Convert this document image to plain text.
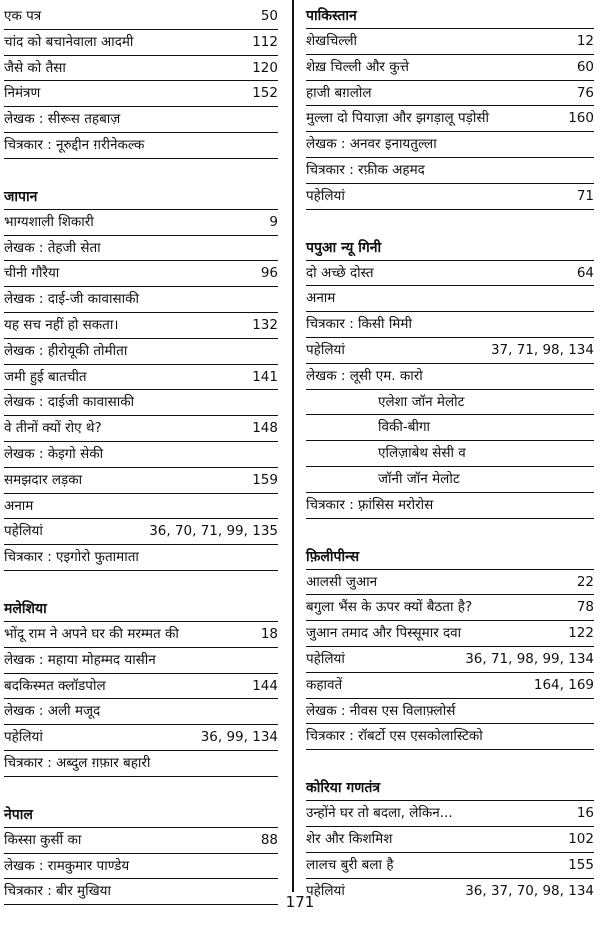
एक पत्र	50
चांद को बचानेवाला आदमी	112
जैसे को तैसा	120
निमंत्रण	152
लेखक : सीरूस तहबाज़
चित्रकार : नूरुद्दीन ग़रीनेकल्क
जापान
भाग्यशाली शिकारी	9
लेखक : तेहजी सेता
चीनी गौरैया	96
लेखक : दाई-जी कावासाकी
यह सच नहीं हो सकता।	132
लेखक : हीरोयूकी तोमीता
जमी हुई बातचीत	141
लेखक : दाईजी कावासाकी
वे तीनों क्यों रोए थे?	148
लेखक : केइगो सेकी
समझदार लड़का	159
अनाम
पहेलियां	36, 70, 71, 99, 135
चित्रकार : एइगोरो फुतामाता
मलेशिया
भोंदू राम ने अपने घर की मरम्मत की	18
लेखक : महाया मोहम्मद यासीन
बदकिस्मत क्लॉडपोल	144
लेखक : अली मजूद
पहेलियां	36, 99, 134
चित्रकार : अब्दुल ग़फ़ार बहारी
नेपाल
किस्सा कुर्सी का	88
लेखक : रामकुमार पाण्डेय
चित्रकार : बीर मुखिया
पाकिस्तान
शेखचिल्ली	12
शेख़ चिल्ली और कुत्ते	60
हाजी बग़लोल	76
मुल्ला दो पियाज़ा और झगड़ालू पड़ोसी	160
लेखक : अनवर इनायतुल्ला
चित्रकार : रफ़ीक अहमद
पहेलियां	71
पपुआ न्यू गिनी
दो अच्छे दोस्त	64
अनाम
चित्रकार : किसी मिमी
पहेलियां	37, 71, 98, 134
लेखक : लूसी एम. कारो
एलेशा जॉन मेलोट
विकी-बीगा
एलिज़ाबेथ सेसी व
जॉनी जॉन मेलोट
चित्रकार : फ़्रांसिस मरोरोस
फ़िलीपीन्स
आलसी जुआन	22
बगुला भैंस के ऊपर क्यों बैठता है?	78
जुआन तमाद और पिस्सूमार दवा	122
पहेलियां	36, 71, 98, 99, 134
कहावतें	164, 169
लेखक : नीवस एस विलाफ़्लोर्स
चित्रकार : रॉबर्टो एस एसकोलास्टिको
कोरिया गणतंत्र
उन्होंने घर तो बदला, लेकिन...	16
शेर और किशमिश	102
लालच बुरी बला है	155
पहेलियां	36, 37, 70, 98, 134
171
